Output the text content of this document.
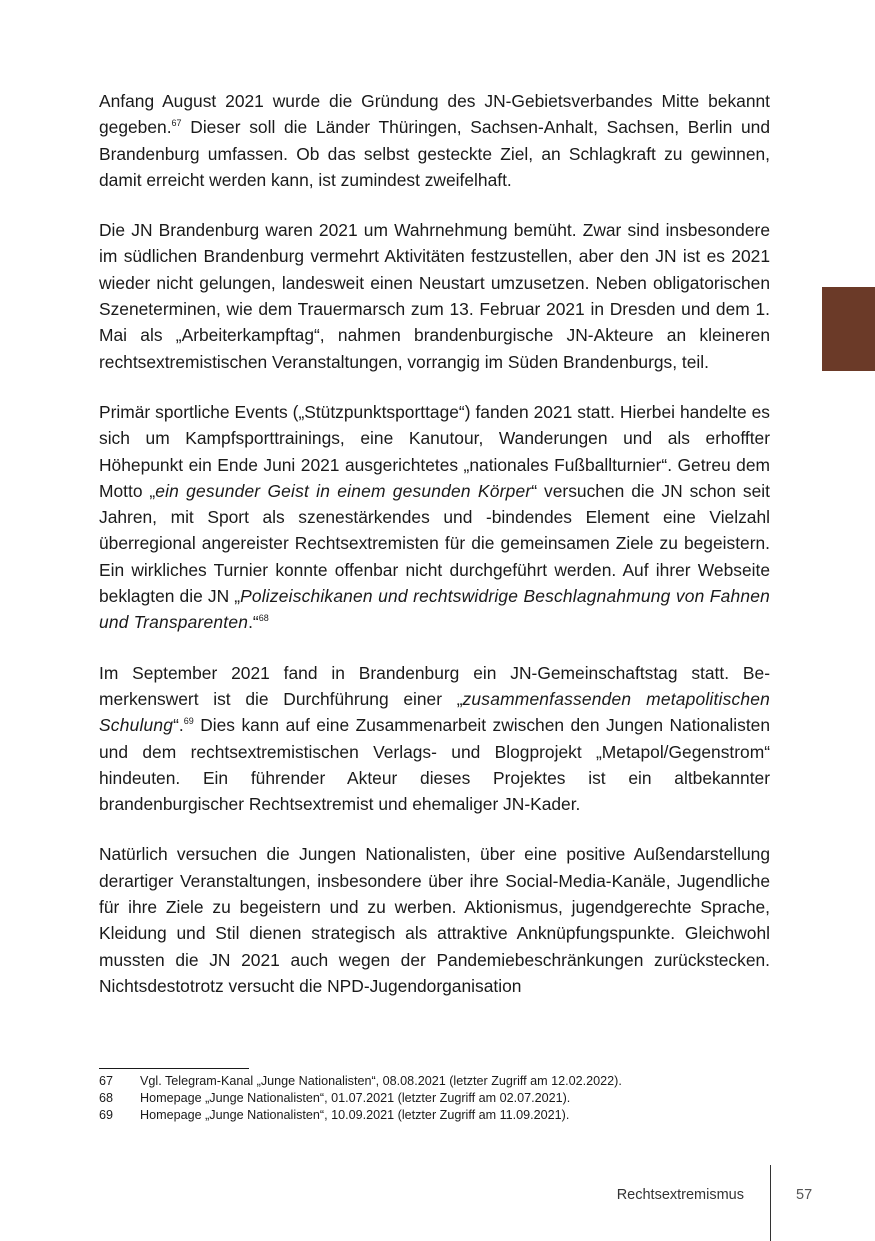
Anfang August 2021 wurde die Gründung des JN-Gebietsverbandes Mitte bekannt gegeben.$^{67}$ Dieser soll die Länder Thüringen, Sachsen-Anhalt, Sachsen, Berlin und Brandenburg umfassen. Ob das selbst gesteckte Ziel, an Schlagkraft zu gewinnen, damit erreicht werden kann, ist zumindest zweifelhaft.

Die JN Brandenburg waren 2021 um Wahrnehmung bemüht. Zwar sind insbesondere im südlichen Brandenburg vermehrt Aktivitäten festzustellen, aber den JN ist es 2021 wieder nicht gelungen, landesweit einen Neustart umzusetzen. Neben obligatorischen Szeneterminen, wie dem Trauermarsch zum 13. Februar 2021 in Dresden und dem 1. Mai als „Arbeiterkampftag“, nahmen brandenburgische JN-Akteure an kleineren rechtsextremistischen Veranstaltungen, vorrangig im Süden Brandenburgs, teil.

Primär sportliche Events („Stützpunktsporttage“) fanden 2021 statt. Hierbei handelte es sich um Kampfsporttrainings, eine Kanutour, Wanderungen und als erhoffter Höhepunkt ein Ende Juni 2021 ausgerichtetes „nationales Fußballturnier“. Getreu dem Motto „ein gesunder Geist in einem gesunden Körper“ versuchen die JN schon seit Jahren, mit Sport als szenestärkendes und -bindendes Element eine Vielzahl überregional angereister Rechtsextremisten für die gemeinsamen Ziele zu begeistern. Ein wirkliches Turnier konnte offenbar nicht durchgeführt werden. Auf ihrer Webseite beklagten die JN „Polizeischikanen und rechtswidrige Beschlagnahmung von Fahnen und Transparenten.“$^{68}$

Im September 2021 fand in Brandenburg ein JN-Gemeinschaftstag statt. Bemerkenswert ist die Durchführung einer „zusammenfassenden metapolitischen Schulung“.$^{69}$ Dies kann auf eine Zusammenarbeit zwischen den Jungen Nationalisten und dem rechtsextremistischen Verlags- und Blogprojekt „Metapol/Gegenstrom“ hindeuten. Ein führender Akteur dieses Projektes ist ein altbekannter brandenburgischer Rechtsextremist und ehemaliger JN-Kader.

Natürlich versuchen die Jungen Nationalisten, über eine positive Außendarstellung derartiger Veranstaltungen, insbesondere über ihre Social-Media-Kanäle, Jugendliche für ihre Ziele zu begeistern und zu werben. Aktionismus, jugendgerechte Sprache, Kleidung und Stil dienen strategisch als attraktive Anknüpfungspunkte. Gleichwohl mussten die JN 2021 auch wegen der Pandemiebeschränkungen zurückstecken. Nichtsdestotrotz versucht die NPD-Jugendorganisation

67	Vgl. Telegram-Kanal „Junge Nationalisten“, 08.08.2021 (letzter Zugriff am 12.02.2022).
68	Homepage „Junge Nationalisten“, 01.07.2021 (letzter Zugriff am 02.07.2021).
69	Homepage „Junge Nationalisten“, 10.09.2021 (letzter Zugriff am 11.09.2021).
Rechtsextremismus	57
